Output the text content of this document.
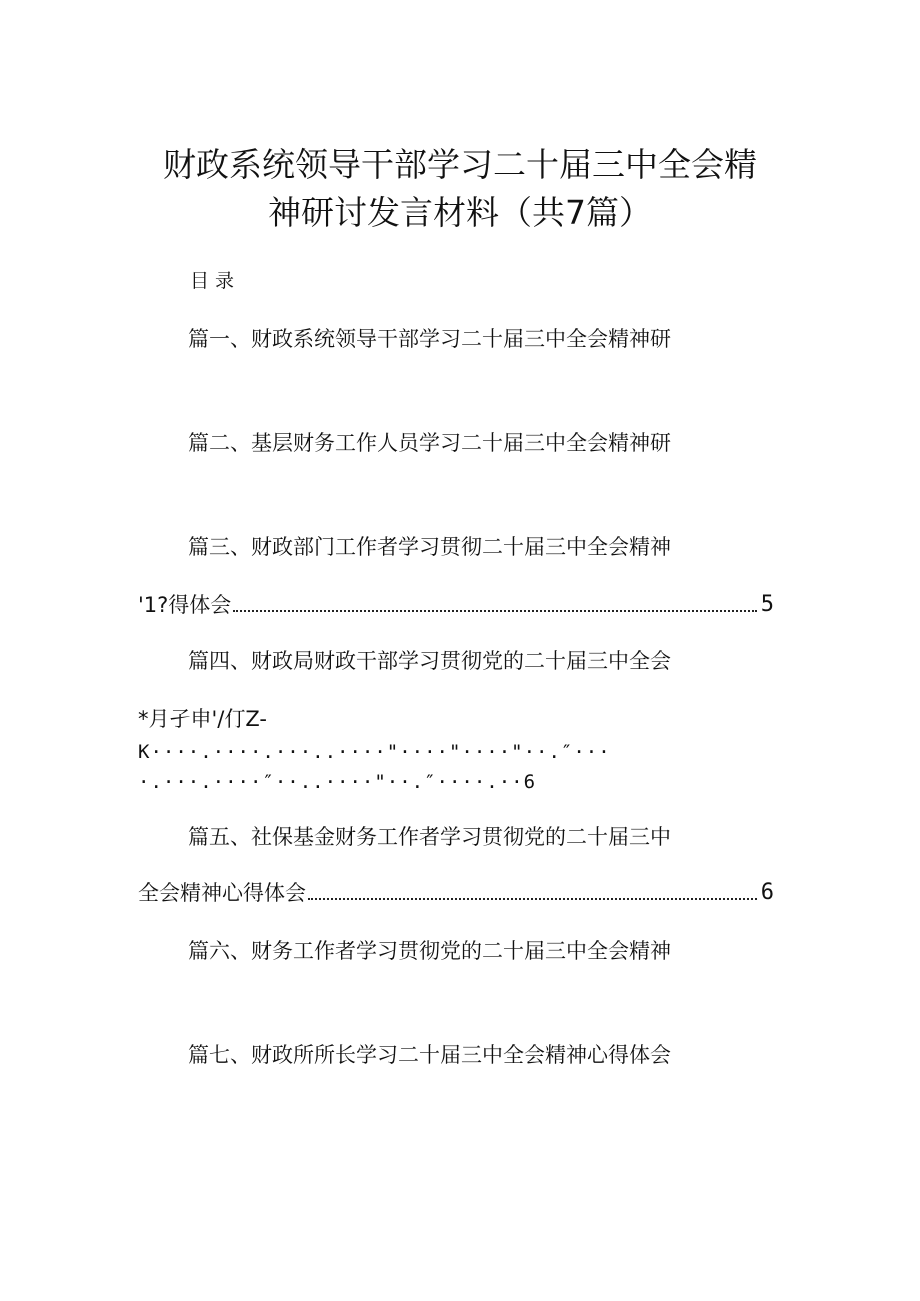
财政系统领导干部学习二十届三中全会精
神研讨发言材料（共7篇）
目录
篇一、财政系统领导干部学习二十届三中全会精神研
篇二、基层财务工作人员学习二十届三中全会精神研
篇三、财政部门工作者学习贯彻二十届三中全会精神
'1?得体会	5
篇四、财政局财政干部学习贯彻党的二十届三中全会
*月孑申'/仃Z-
K····.····.···..····"····"····"··.″···
·.···.····″··..····"··.″····.··6
篇五、社保基金财务工作者学习贯彻党的二十届三中
全会精神心得体会	6
篇六、财务工作者学习贯彻党的二十届三中全会精神
篇七、财政所所长学习二十届三中全会精神心得体会
